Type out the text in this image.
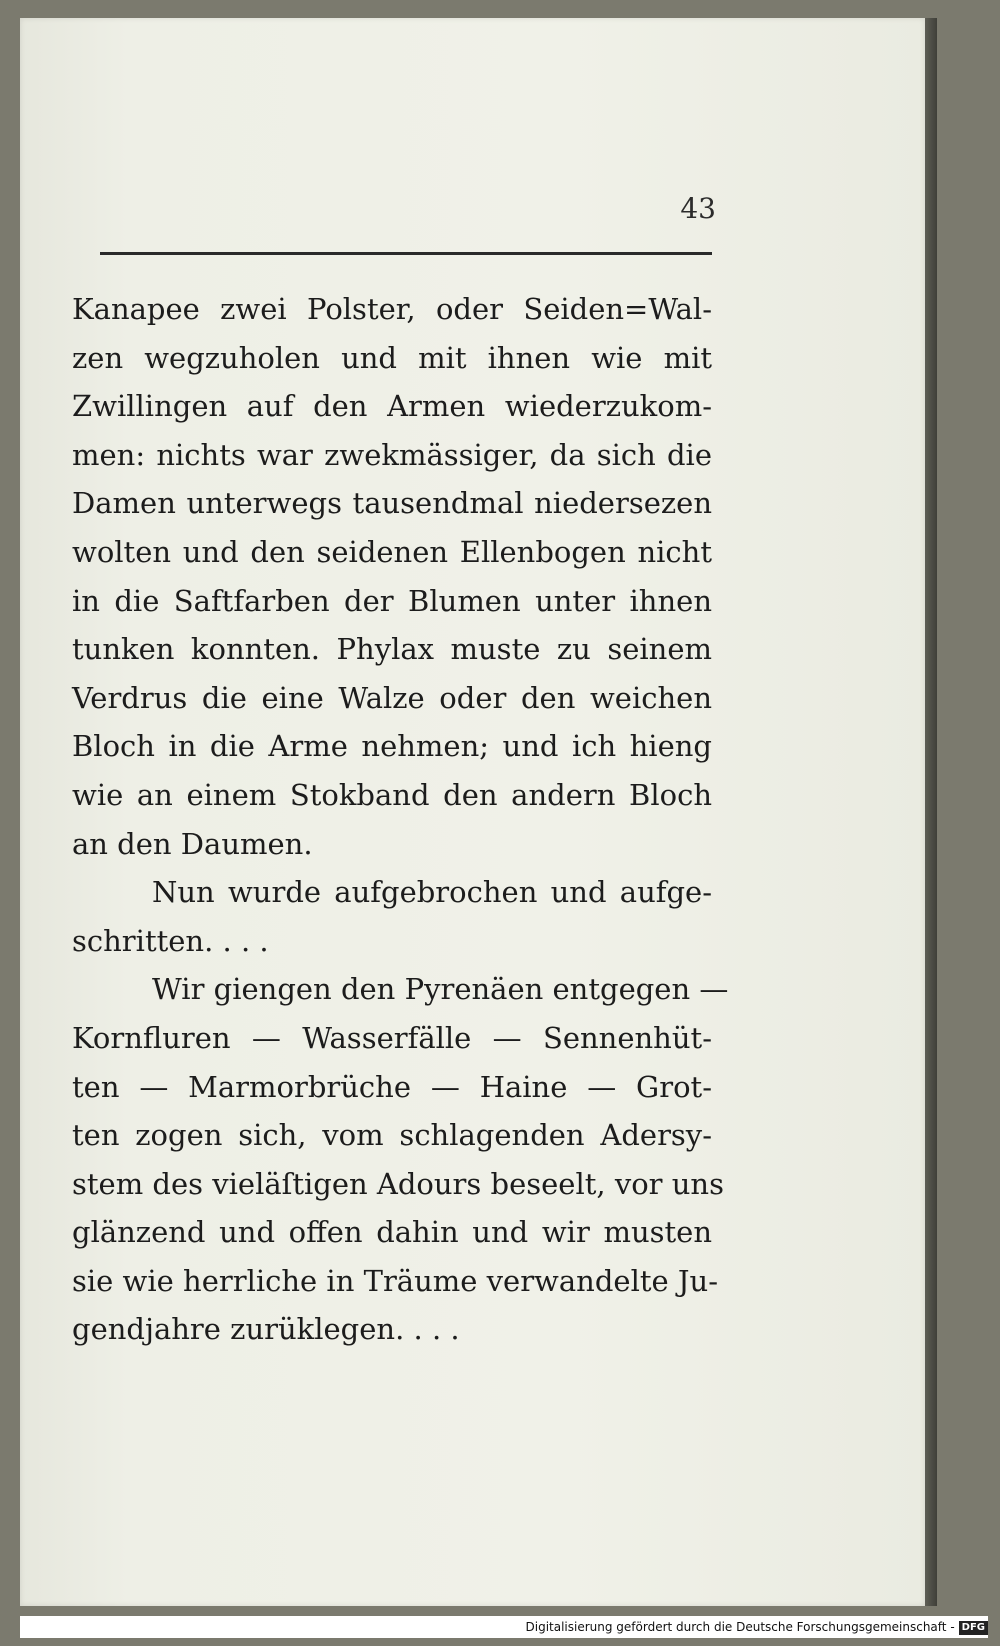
43
Kanapee zwei Polster, oder Seiden=Wal-
zen wegzuholen und mit ihnen wie mit
Zwillingen auf den Armen wiederzukom-
men: nichts war zwekmässiger, da sich die
Damen unterwegs tausendmal niedersezen
wolten und den seidenen Ellenbogen nicht
in die Saftfarben der Blumen unter ihnen
tunken konnten. Phylax muste zu seinem
Verdrus die eine Walze oder den weichen
Bloch in die Arme nehmen; und ich hieng
wie an einem Stokband den andern Bloch
an den Daumen.
Nun wurde aufgebrochen und aufge-
schritten. . . .
Wir giengen den Pyrenäen entgegen —
Kornfluren — Wasserfälle — Sennenhüt-
ten — Marmorbrüche — Haine — Grot-
ten zogen sich, vom schlagenden Adersy-
stem des vieläſtigen Adours beseelt, vor uns
glänzend und offen dahin und wir musten
sie wie herrliche in Träume verwandelte Ju-
gendjahre zurüklegen. . . .
Digitalisierung gefördert durch die Deutsche Forschungsgemeinschaft - DFG
